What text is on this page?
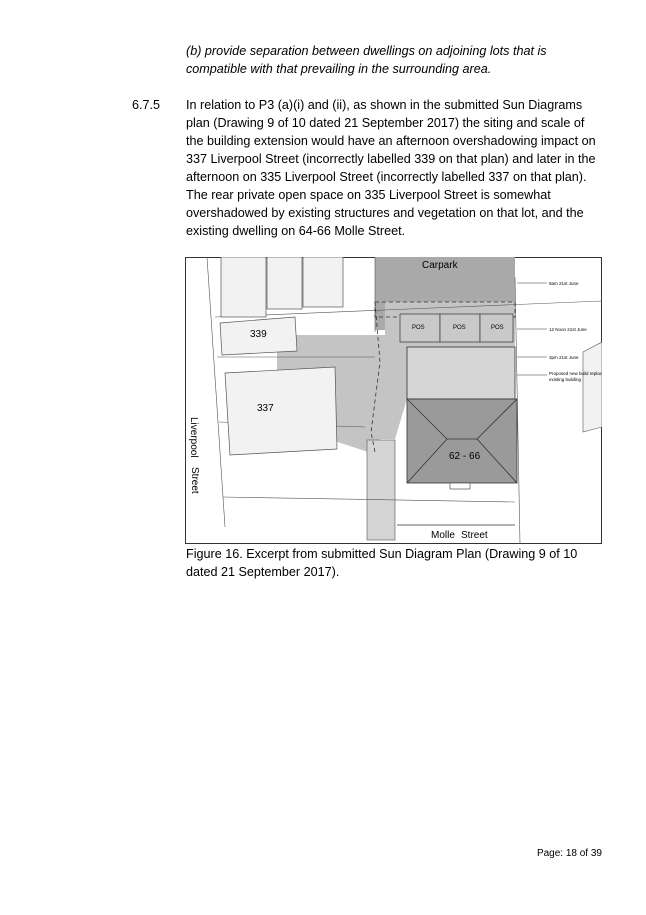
(b) provide separation between dwellings on adjoining lots that is compatible with that prevailing in the surrounding area.
6.7.5 In relation to P3 (a)(i) and (ii), as shown in the submitted Sun Diagrams plan (Drawing 9 of 10 dated 21 September 2017) the siting and scale of the building extension would have an afternoon overshadowing impact on 337 Liverpool Street (incorrectly labelled 339 on that plan) and later in the afternoon on 335 Liverpool Street (incorrectly labelled 337 on that plan). The rear private open space on 335 Liverpool Street is somewhat overshadowed by existing structures and vegetation on that lot, and the existing dwelling on 64-66 Molle Street.
339
337
POS	POS	POS
62 - 66
Carpark
Liverpool
Street
Molle Street
9am 21st June
12 Noon 21st June
3pm 21st June
Proposed new build replace
existing building
Figure 16. Excerpt from submitted Sun Diagram Plan (Drawing 9 of 10 dated 21 September 2017).
Page: 18 of 39
